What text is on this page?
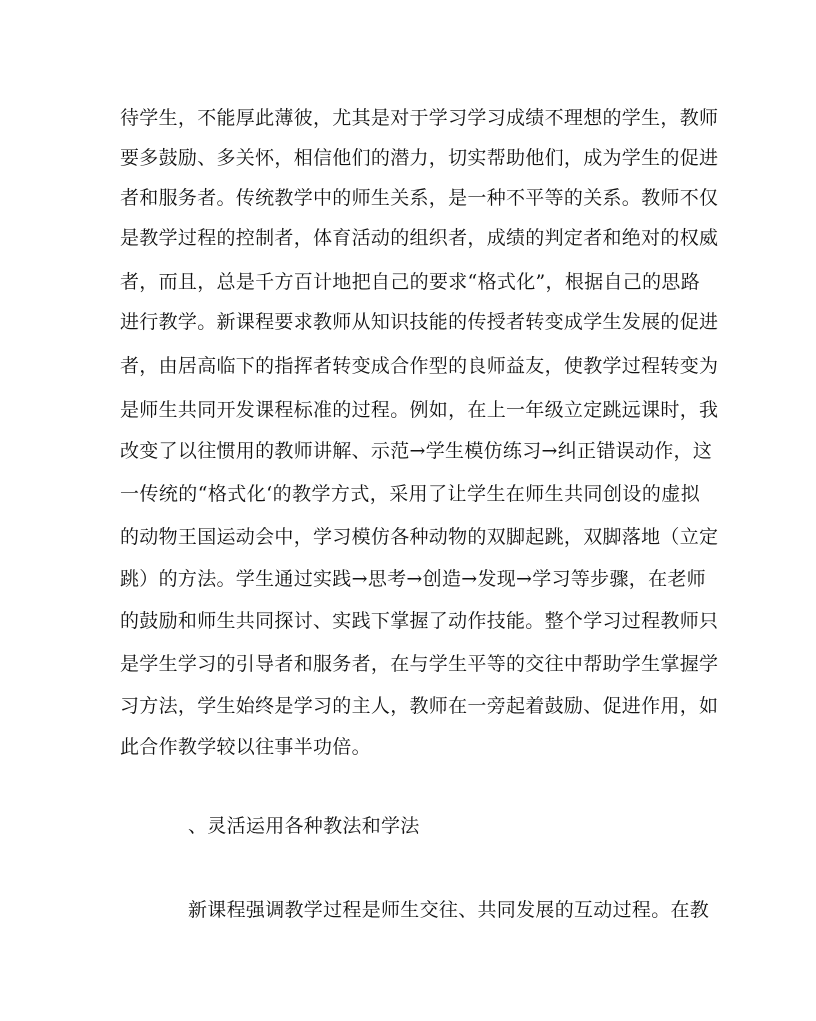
待学生，不能厚此薄彼，尤其是对于学习学习成绩不理想的学生，教师
要多鼓励、多关怀，相信他们的潜力，切实帮助他们，成为学生的促进
者和服务者。传统教学中的师生关系，是一种不平等的关系。教师不仅
是教学过程的控制者，体育活动的组织者，成绩的判定者和绝对的权威
者，而且，总是千方百计地把自己的要求“格式化”，根据自己的思路
进行教学。新课程要求教师从知识技能的传授者转变成学生发展的促进
者，由居高临下的指挥者转变成合作型的良师益友，使教学过程转变为
是师生共同开发课程标准的过程。例如，在上一年级立定跳远课时，我
改变了以往惯用的教师讲解、示范→学生模仿练习→纠正错误动作，这
一传统的“格式化‘的教学方式，采用了让学生在师生共同创设的虚拟
的动物王国运动会中，学习模仿各种动物的双脚起跳，双脚落地（立定
跳）的方法。学生通过实践→思考→创造→发现→学习等步骤，在老师
的鼓励和师生共同探讨、实践下掌握了动作技能。整个学习过程教师只
是学生学习的引导者和服务者，在与学生平等的交往中帮助学生掌握学
习方法，学生始终是学习的主人，教师在一旁起着鼓励、促进作用，如
此合作教学较以往事半功倍。
、灵活运用各种教法和学法
新课程强调教学过程是师生交往、共同发展的互动过程。在教
